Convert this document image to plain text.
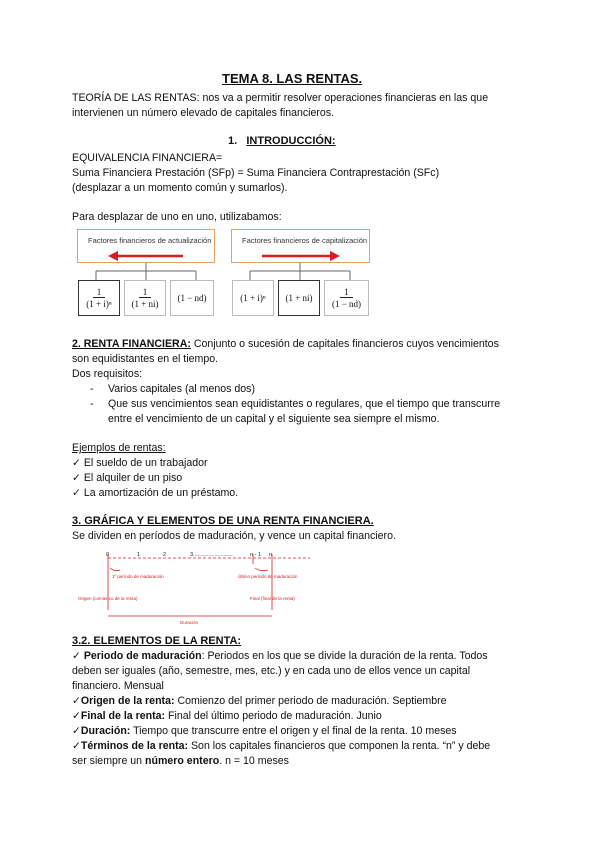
TEMA 8. LAS RENTAS.
TEORÍA DE LAS RENTAS: nos va a permitir resolver operaciones financieras en las que
intervienen un número elevado de capitales financieros.
1. INTRODUCCIÓN:
EQUIVALENCIA FINANCIERA=
Suma Financiera Prestación (SFp) = Suma Financiera Contraprestación (SFc)
(desplazar a un momento común y sumarlos).
Para desplazar de uno en uno, utilizabamos:
Factores financieros de actualización
$\frac{1}{\text{(1 + i)ⁿ}} \frac{1}{(1 + ni)}$	(1 − nd)
Factores financieros de capitalización
(1 + i)ⁿ	(1 + ni)	$\frac{1}{(1 - nd)}$
2. RENTA FINANCIERA: Conjunto o sucesión de capitales financieros cuyos vencimientos
son equidistantes en el tiempo.
Dos requisitos:
- Varios capitales (al menos dos)
- Que sus vencimientos sean equidistantes o regulares, que el tiempo que transcurre
entre el vencimiento de un capital y el siguiente sea siempre el mismo.
Ejemplos de rentas:
✓ El sueldo de un trabajador
✓ El alquiler de un piso
✓ La amortización de un préstamo.
3. GRÁFICA Y ELEMENTOS DE UNA RENTA FINANCIERA.
Se dividen en períodos de maduración, y vence un capital financiero.
0	1	2	3..........................	n - 1 n
1º período de maduración	último período de maduración
Origen (comienzo de la renta)	Final (final de la renta)
Duración
3.2. ELEMENTOS DE LA RENTA:
✓ Periodo de maduración: Periodos en los que se divide la duración de la renta. Todos
deben ser iguales (año, semestre, mes, etc.) y en cada uno de ellos vence un capital
financiero. Mensual
✓Origen de la renta: Comienzo del primer periodo de maduración. Septiembre
✓Final de la renta: Final del último periodo de maduración. Junio
✓Duración: Tiempo que transcurre entre el origen y el final de la renta. 10 meses
✓Términos de la renta: Son los capitales financieros que componen la renta. “n” y debe
ser siempre un número entero. n = 10 meses
